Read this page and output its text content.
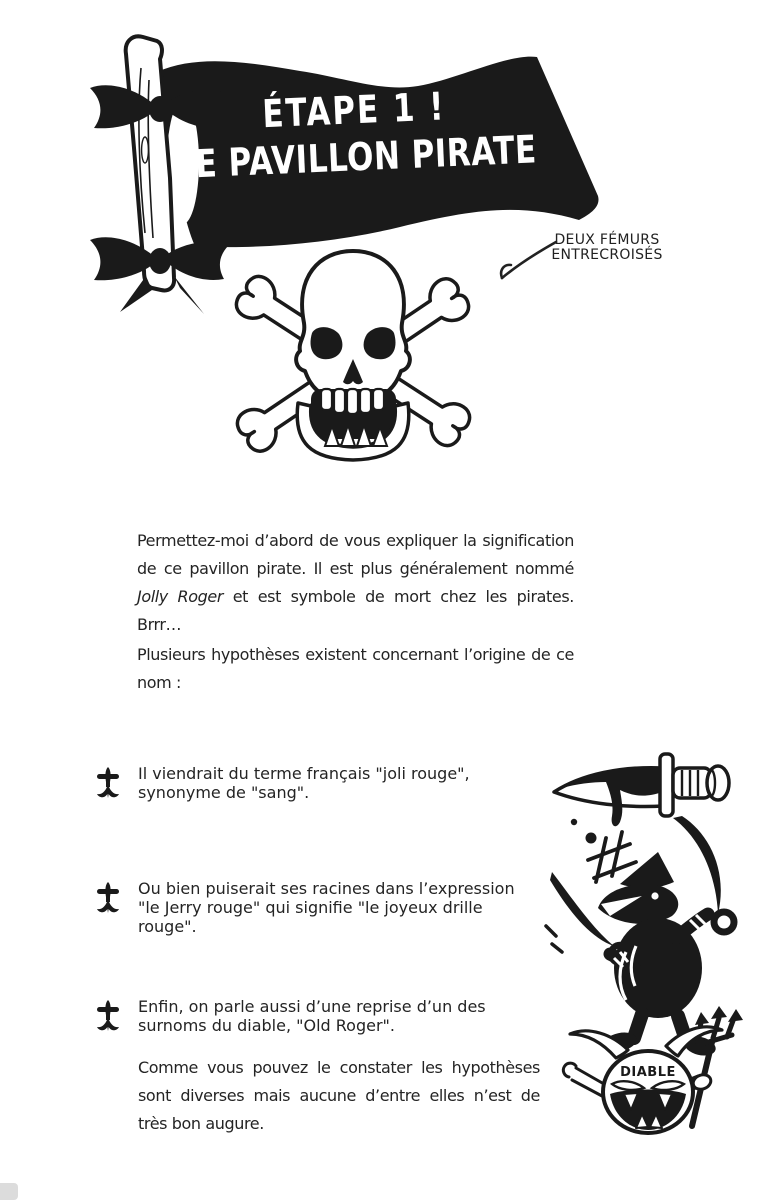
ÉTAPE 1 !
LE PAVILLON PIRATE
DEUX FÉMURS
ENTRECROISÉS

Permettez-moi d’abord de vous expliquer la signification de ce pavillon pirate. Il est plus généralement nommé Jolly Roger et est symbole de mort chez les pirates. Brrr…

Plusieurs hypothèses existent concernant l’origine de ce nom :

Il viendrait du terme français "joli rouge", synonyme de "sang".
Ou bien puiserait ses racines dans l’expression "le Jerry rouge" qui signifie "le joyeux drille rouge".
Enfin, on parle aussi d’une reprise d’un des surnoms du diable, "Old Roger".

Comme vous pouvez le constater les hypothèses sont diverses mais aucune d’entre elles n’est de très bon augure.

DIABLE
